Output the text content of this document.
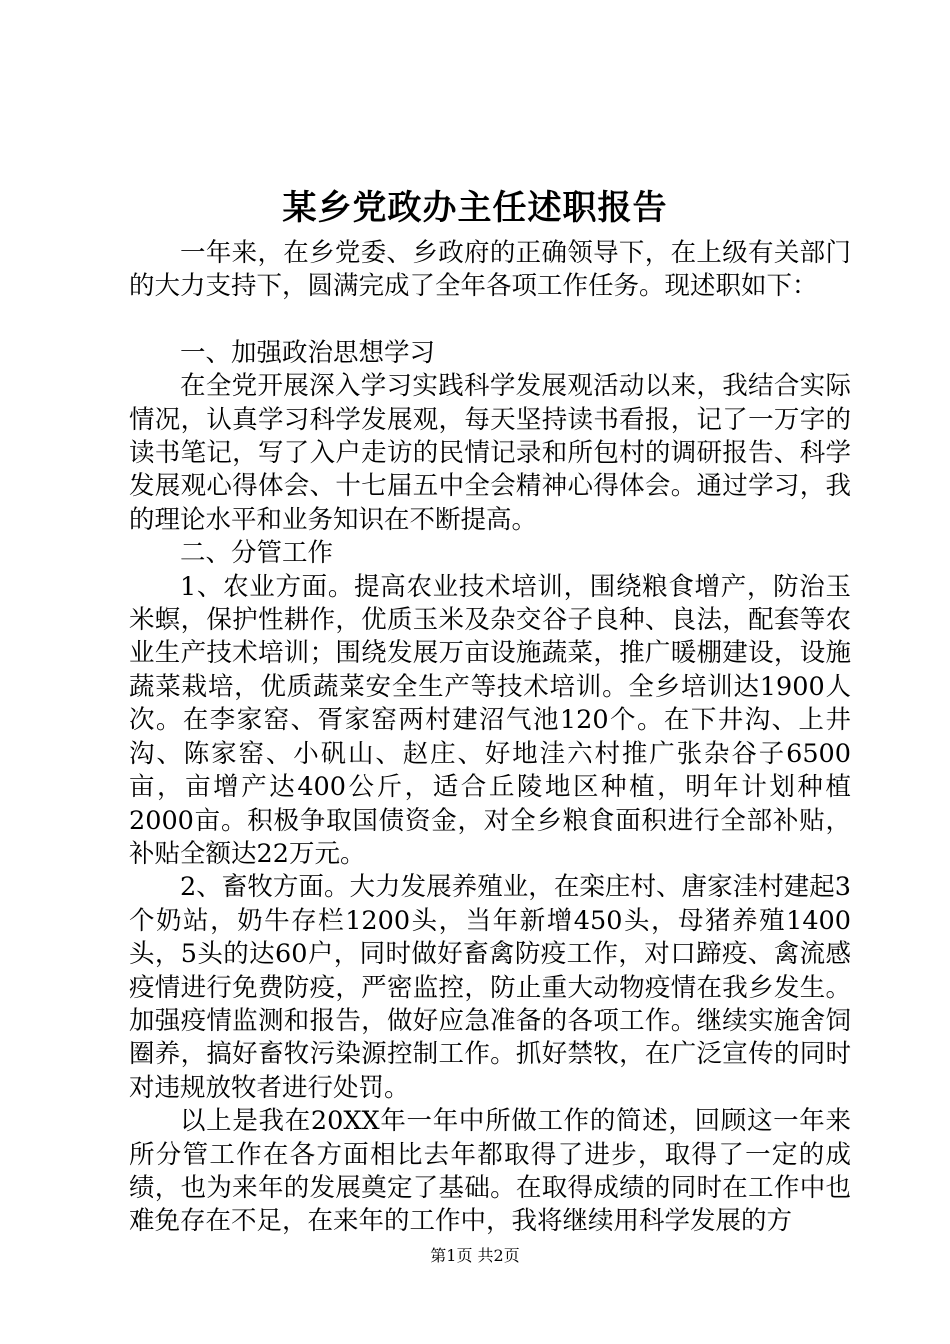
某乡党政办主任述职报告

一年来，在乡党委、乡政府的正确领导下，在上级有关部门的大力支持下，圆满完成了全年各项工作任务。现述职如下：

一、加强政治思想学习

在全党开展深入学习实践科学发展观活动以来，我结合实际情况，认真学习科学发展观，每天坚持读书看报，记了一万字的读书笔记，写了入户走访的民情记录和所包村的调研报告、科学发展观心得体会、十七届五中全会精神心得体会。通过学习，我的理论水平和业务知识在不断提高。

二、分管工作

1、农业方面。提高农业技术培训，围绕粮食增产，防治玉米螟，保护性耕作，优质玉米及杂交谷子良种、良法，配套等农业生产技术培训；围绕发展万亩设施蔬菜，推广暖棚建设，设施蔬菜栽培，优质蔬菜安全生产等技术培训。全乡培训达1900人次。在李家窑、胥家窑两村建沼气池120个。在下井沟、上井沟、陈家窑、小矾山、赵庄、好地洼六村推广张杂谷子6500亩，亩增产达400公斤，适合丘陵地区种植，明年计划种植2000亩。积极争取国债资金，对全乡粮食面积进行全部补贴，补贴全额达22万元。

2、畜牧方面。大力发展养殖业，在栾庄村、唐家洼村建起3个奶站，奶牛存栏1200头，当年新增450头，母猪养殖1400头，5头的达60户，同时做好畜禽防疫工作，对口蹄疫、禽流感疫情进行免费防疫，严密监控，防止重大动物疫情在我乡发生。加强疫情监测和报告，做好应急准备的各项工作。继续实施舍饲圈养，搞好畜牧污染源控制工作。抓好禁牧，在广泛宣传的同时对违规放牧者进行处罚。

以上是我在20XX年一年中所做工作的简述，回顾这一年来所分管工作在各方面相比去年都取得了进步，取得了一定的成绩，也为来年的发展奠定了基础。在取得成绩的同时在工作中也难免存在不足，在来年的工作中，我将继续用科学发展的方

第1页 共2页
